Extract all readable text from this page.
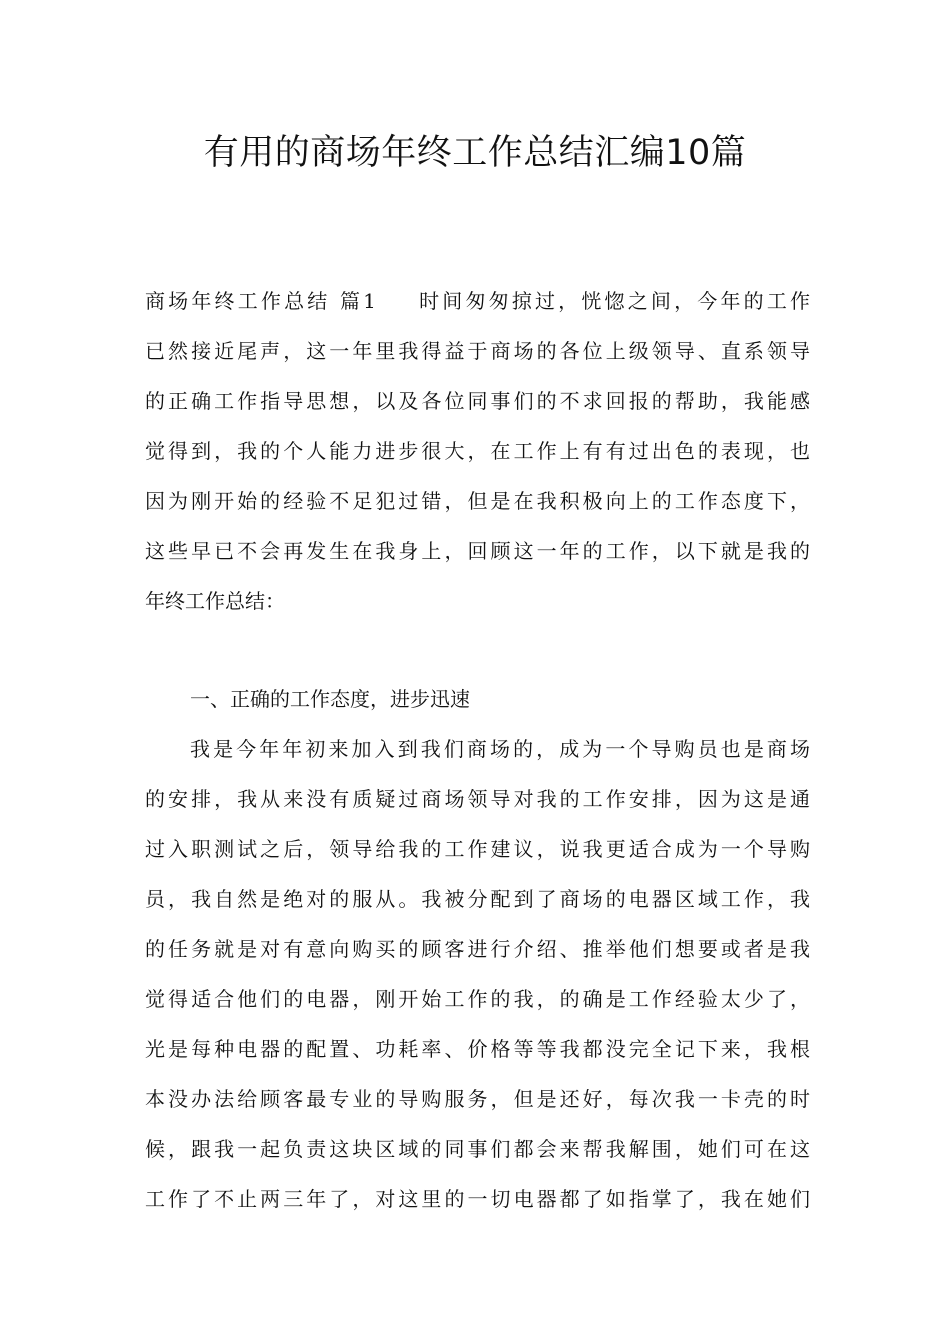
有用的商场年终工作总结汇编10篇
商场年终工作总结 篇1 时间匆匆掠过，恍惚之间，今年的工作
已然接近尾声，这一年里我得益于商场的各位上级领导、直系领导
的正确工作指导思想，以及各位同事们的不求回报的帮助，我能感
觉得到，我的个人能力进步很大，在工作上有有过出色的表现，也
因为刚开始的经验不足犯过错，但是在我积极向上的工作态度下，
这些早已不会再发生在我身上，回顾这一年的工作，以下就是我的
年终工作总结：
一、正确的工作态度，进步迅速
我是今年年初来加入到我们商场的，成为一个导购员也是商场
的安排，我从来没有质疑过商场领导对我的工作安排，因为这是通
过入职测试之后，领导给我的工作建议，说我更适合成为一个导购
员，我自然是绝对的服从。我被分配到了商场的电器区域工作，我
的任务就是对有意向购买的顾客进行介绍、推举他们想要或者是我
觉得适合他们的电器，刚开始工作的我，的确是工作经验太少了，
光是每种电器的配置、功耗率、价格等等我都没完全记下来，我根
本没办法给顾客最专业的导购服务，但是还好，每次我一卡壳的时
候，跟我一起负责这块区域的同事们都会来帮我解围，她们可在这
工作了不止两三年了，对这里的一切电器都了如指掌了，我在她们
